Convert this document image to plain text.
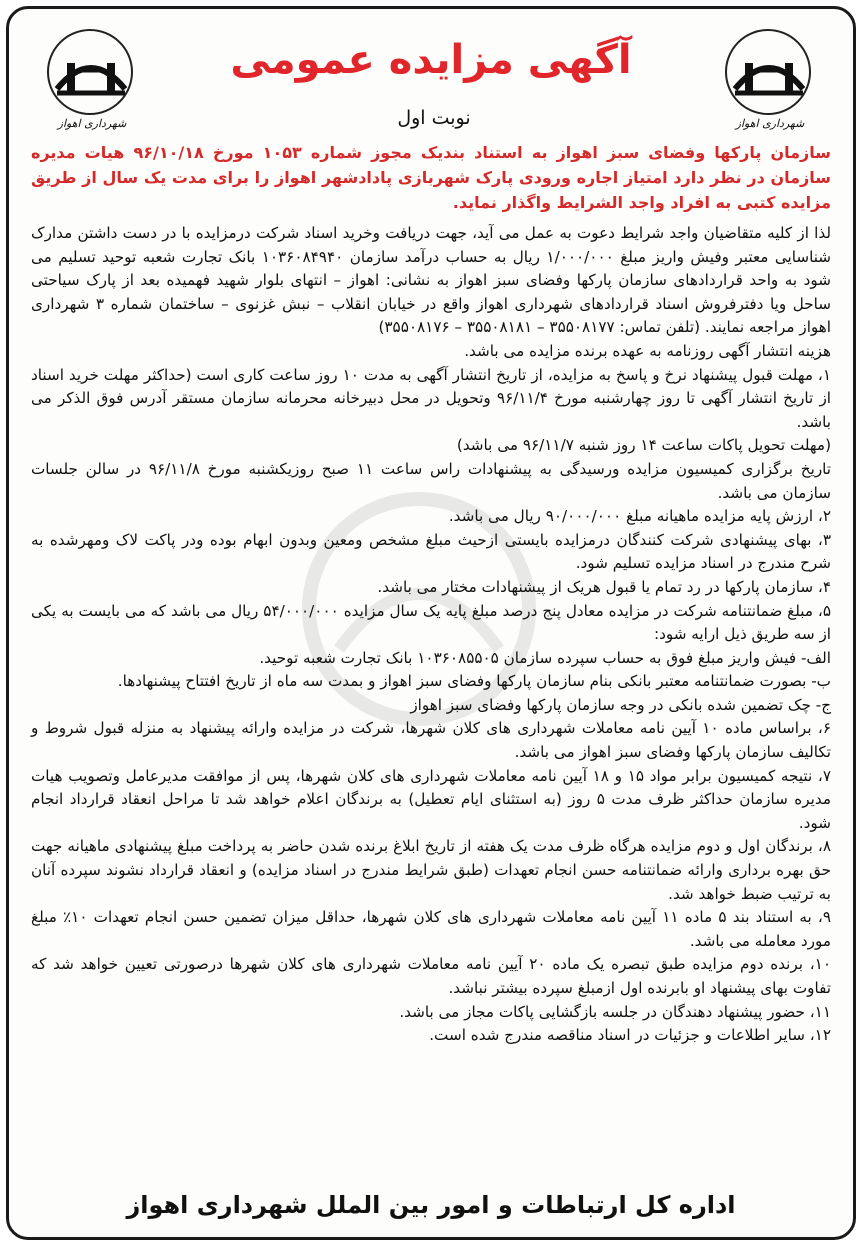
شهرداری اهواز	شهرداری اهواز
آگهی مزایده عمومی
نوبت اول
سازمان پارکها وفضای سبز اهواز به استناد بندیک مجوز شماره ۱۰۵۳ مورخ ۹۶/۱۰/۱۸ هیات مدیره سازمان در نظر دارد امتیاز اجاره ورودی پارک شهربازی پادادشهر اهواز را برای مدت یک سال از طریق مزایده کتبی به افراد واجد الشرایط واگذار نماید.

لذا از کلیه متقاضیان واجد شرایط دعوت به عمل می آید، جهت دریافت وخرید اسناد شرکت درمزایده با در دست داشتن مدارک شناسایی معتبر وفیش واریز مبلغ ۱/۰۰۰/۰۰۰ ریال به حساب درآمد سازمان ۱۰۳۶۰۸۴۹۴۰ بانک تجارت شعبه توحید تسلیم می شود به واحد قراردادهای سازمان پارکها وفضای سبز اهواز به نشانی: اهواز – انتهای بلوار شهید فهمیده بعد از پارک سیاحتی ساحل ویا دفترفروش اسناد قراردادهای شهرداری اهواز واقع در خیابان انقلاب – نبش غزنوی – ساختمان شماره ۳ شهرداری اهواز مراجعه نمایند. (تلفن تماس: ۳۵۵۰۸۱۷۷ – ۳۵۵۰۸۱۸۱ – ۳۵۵۰۸۱۷۶)

هزینه انتشار آگهی روزنامه به عهده برنده مزایده می باشد.

۱، مهلت قبول پیشنهاد نرخ و پاسخ به مزایده، از تاریخ انتشار آگهی به مدت ۱۰ روز ساعت کاری است (حداکثر مهلت خرید اسناد از تاریخ انتشار آگهی تا روز چهارشنبه مورخ ۹۶/۱۱/۴ وتحویل در محل دبیرخانه محرمانه سازمان مستقر آدرس فوق الذکر می باشد.

(مهلت تحویل پاکات ساعت ۱۴ روز شنبه ۹۶/۱۱/۷ می باشد)

تاریخ برگزاری کمیسیون مزایده ورسیدگی به پیشنهادات راس ساعت ۱۱ صبح روزیکشنبه مورخ ۹۶/۱۱/۸ در سالن جلسات سازمان می باشد.

۲، ارزش پایه مزایده ماهیانه مبلغ ۹۰/۰۰۰/۰۰۰ ریال می باشد.

۳، بهای پیشنهادی شرکت کنندگان درمزایده بایستی ازحیث مبلغ مشخص ومعین وبدون ابهام بوده ودر پاکت لاک ومهرشده به شرح مندرج در اسناد مزایده تسلیم شود.

۴، سازمان پارکها در رد تمام یا قبول هریک از پیشنهادات مختار می باشد.

۵، مبلغ ضمانتنامه شرکت در مزایده معادل پنج درصد مبلغ پایه یک سال مزایده ۵۴/۰۰۰/۰۰۰ ریال می باشد که می بایست به یکی از سه طریق ذیل ارایه شود:

الف- فیش واریز مبلغ فوق به حساب سپرده سازمان ۱۰۳۶۰۸۵۵۰۵ بانک تجارت شعبه توحید.

ب- بصورت ضمانتنامه معتبر بانکی بنام سازمان پارکها وفضای سبز اهواز و بمدت سه ماه از تاریخ افتتاح پیشنهادها.

ج- چک تضمین شده بانکی در وجه سازمان پارکها وفضای سبز اهواز

۶، براساس ماده ۱۰ آیین نامه معاملات شهرداری های کلان شهرها، شرکت در مزایده وارائه پیشنهاد به منزله قبول شروط و تکالیف سازمان پارکها وفضای سبز اهواز می باشد.

۷، نتیجه کمیسیون برابر مواد ۱۵ و ۱۸ آیین نامه معاملات شهرداری های کلان شهرها، پس از موافقت مدیرعامل وتصویب هیات مدیره سازمان حداکثر ظرف مدت ۵ روز (به استثنای ایام تعطیل) به برندگان اعلام خواهد شد تا مراحل انعقاد قرارداد انجام شود.

۸، برندگان اول و دوم مزایده هرگاه ظرف مدت یک هفته از تاریخ ابلاغ برنده شدن حاضر به پرداخت مبلغ پیشنهادی ماهیانه جهت حق بهره برداری وارائه ضمانتنامه حسن انجام تعهدات (طبق شرایط مندرج در اسناد مزایده) و انعقاد قرارداد نشوند سپرده آنان به ترتیب ضبط خواهد شد.

۹، به استناد بند ۵ ماده ۱۱ آیین نامه معاملات شهرداری های کلان شهرها، حداقل میزان تضمین حسن انجام تعهدات ۱۰٪ مبلغ مورد معامله می باشد.

۱۰، برنده دوم مزایده طبق تبصره یک ماده ۲۰ آیین نامه معاملات شهرداری های کلان شهرها درصورتی تعیین خواهد شد که تفاوت بهای پیشنهاد او بابرنده اول ازمبلغ سپرده بیشتر نباشد.

۱۱، حضور پیشنهاد دهندگان در جلسه بازگشایی پاکات مجاز می باشد.

۱۲، سایر اطلاعات و جزئیات در اسناد مناقصه مندرج شده است.

اداره کل ارتباطات و امور بین الملل شهرداری اهواز
